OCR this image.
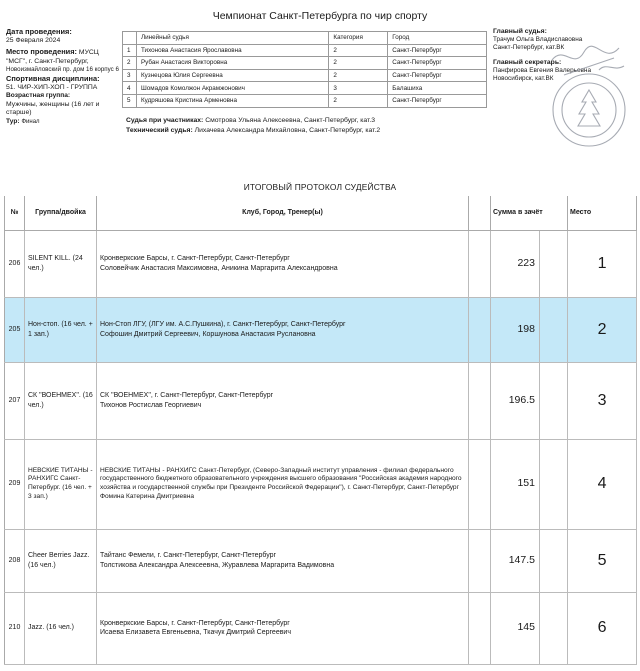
Чемпионат Санкт-Петербурга по чир спорту
Дата проведения:
25 Февраля 2024
Место проведения: МУСЦ
"МСГ", г. Санкт-Петербург,
Новоизмайловский пр. дом 16 корпус 6
Спортивная дисциплина:
51. ЧИР-ХИП-ХОП - ГРУППА
Возрастная группа:
Мужчины, женщины (16 лет и
старше)
Тур: Финал
	Линейный судья	Категория	Город
1	Тихонова Анастасия Ярославовна	2	Санкт-Петербург
2	Рубан Анастасия Викторовна	2	Санкт-Петербург
3	Кузнецова Юлия Сергеевна	2	Санкт-Петербург
4	Шомадов Комолжон Акрамжонович	3	Балашиха
5	Кудряшова Кристина Арменовна	2	Санкт-Петербург
Судья при участниках: Смотрова Ульяна Алексеевна, Санкт-Петербург, кат.3
Технический судья: Лихачева Александра Михайловна, Санкт-Петербург, кат.2
Главный судья:
Трачум Ольга Владиславовна
Санкт-Петербург, кат.ВК
Главный секретарь:
Панфирова Евгения Валерьевна
Новосибирск, кат.ВК
ИТОГОВЫЙ ПРОТОКОЛ СУДЕЙСТВА
№	Группа/двойка	Клуб, Город, Тренер(ы)		Сумма в зачёт		Место
206	SILENT KILL. (24 чел.)	Кронверкские Барсы, г. Санкт-Петербург, Санкт-Петербург
Соловейчик Анастасия Максимовна, Аникина Маргарита Александровна		223		1
205	Нон-стоп. (16 чел. + 1 зап.)	Нон-Стоп ЛГУ, (ЛГУ им. А.С.Пушкина), г. Санкт-Петербург, Санкт-Петербург
Софошин Дмитрий Сергеевич, Коршунова Анастасия Руслановна		198		2
207	СК "ВОЕНМЕХ". (16 чел.)	СК "ВОЕНМЕХ", г. Санкт-Петербург, Санкт-Петербург
Тихонов Ростислав Георгиевич		196.5		3
209	НЕВСКИЕ ТИТАНЫ - РАНХИГС Санкт-Петербург. (16 чел. + 3 зап.)	НЕВСКИЕ ТИТАНЫ - РАНХИГС Санкт-Петербург, (Северо-Западный институт управления - филиал федерального государственного бюджетного образовательного учреждения высшего образования "Российская академия народного хозяйства и государственной службы при Президенте Российской Федерации"), г. Санкт-Петербург, Санкт-Петербург
Фомина Катерина Дмитриевна		151		4
208	Cheer Berries Jazz. (16 чел.)	Тайтанс Фемели, г. Санкт-Петербург, Санкт-Петербург
Толстикова Александра Алексеевна, Журавлева Маргарита Вадимовна		147.5		5
210	Jazz. (16 чел.)	Кронверкские Барсы, г. Санкт-Петербург, Санкт-Петербург
Исаева Елизавета Евгеньевна, Ткачук Дмитрий Сергеевич		145		6
